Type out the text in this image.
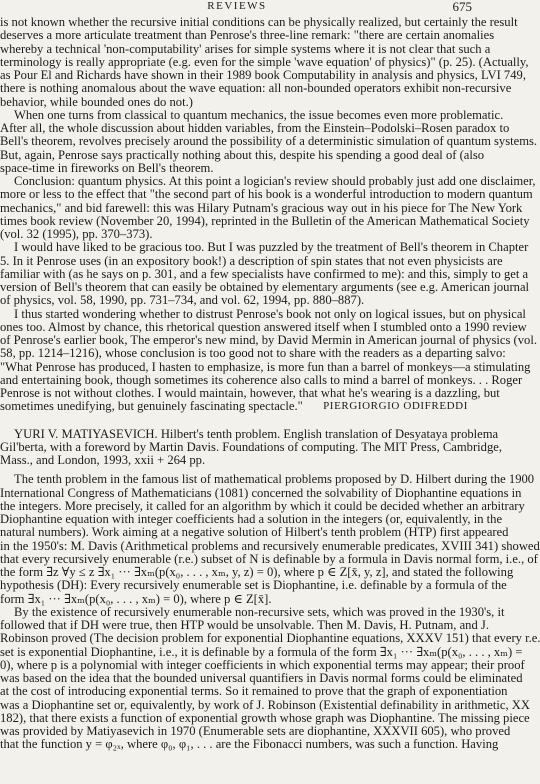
REVIEWS	675
is not known whether the recursive initial conditions can be physically realized, but certainly the result
deserves a more articulate treatment than Penrose's three-line remark: "there are certain anomalies
whereby a technical 'non-computability' arises for simple systems where it is not clear that such a
terminology is really appropriate (e.g. even for the simple 'wave equation' of physics)" (p. 25). (Actually,
as Pour El and Richards have shown in their 1989 book Computability in analysis and physics, LVI 749,
there is nothing anomalous about the wave equation: all non-bounded operators exhibit non-recursive
behavior, while bounded ones do not.)
When one turns from classical to quantum mechanics, the issue becomes even more problematic.
After all, the whole discussion about hidden variables, from the Einstein–Podolski–Rosen paradox to
Bell's theorem, revolves precisely around the possibility of a deterministic simulation of quantum systems.
But, again, Penrose says practically nothing about this, despite his spending a good deal of (also
space-time in fireworks on Bell's theorem.
Conclusion: quantum physics. At this point a logician's review should probably just add one disclaimer,
more or less to the effect that "the second part of his book is a wonderful introduction to modern quantum
mechanics," and bid farewell: this was Hilary Putnam's gracious way out in his piece for The New York
times book review (November 20, 1994), reprinted in the Bulletin of the American Mathematical Society
(vol. 32 (1995), pp. 370–373).
I would have liked to be gracious too. But I was puzzled by the treatment of Bell's theorem in Chapter
5. In it Penrose uses (in an expository book!) a description of spin states that not even physicists are
familiar with (as he says on p. 301, and a few specialists have confirmed to me): and this, simply to get a
version of Bell's theorem that can easily be obtained by elementary arguments (see e.g. American journal
of physics, vol. 58, 1990, pp. 731–734, and vol. 62, 1994, pp. 880–887).
I thus started wondering whether to distrust Penrose's book not only on logical issues, but on physical
ones too. Almost by chance, this rhetorical question answered itself when I stumbled onto a 1990 review
of Penrose's earlier book, The emperor's new mind, by David Mermin in American journal of physics (vol.
58, pp. 1214–1216), whose conclusion is too good not to share with the readers as a departing salvo:
"What Penrose has produced, I hasten to emphasize, is more fun than a barrel of monkeys—a stimulating
and entertaining book, though sometimes its coherence also calls to mind a barrel of monkeys. . . Roger
Penrose is not without clothes. I would maintain, however, that what he's wearing is a dazzling, but
sometimes unedifying, but genuinely fascinating spectacle." PIERGIORGIO ODIFREDDI
YURI V. MATIYASEVICH. Hilbert's tenth problem. English translation of Desyataya problema
Gil'berta, with a foreword by Martin Davis. Foundations of computing. The MIT Press, Cambridge,
Mass., and London, 1993, xxii + 264 pp.
The tenth problem in the famous list of mathematical problems proposed by D. Hilbert during the 1900
International Congress of Mathematicians (1081) concerned the solvability of Diophantine equations in
the integers. More precisely, it called for an algorithm by which it could be decided whether an arbitrary
Diophantine equation with integer coefficients had a solution in the integers (or, equivalently, in the
natural numbers). Work aiming at a negative solution of Hilbert's tenth problem (HTP) first appeared
in the 1950's: M. Davis (Arithmetical problems and recursively enumerable predicates, XVIII 341) showed
that every recursively enumerable (r.e.) subset of N is definable by a formula in Davis normal form, i.e., of
the form ∃z ∀y ≤ z ∃x₁ ··· ∃xₘ(p(x₀, . . . , xₘ, y, z) = 0), where p ∈ Z[x̄, y, z], and stated the following
hypothesis (DH): Every recursively enumerable set is Diophantine, i.e. definable by a formula of the
form ∃x₁ ··· ∃xₘ(p(x₀, . . . , xₘ) = 0), where p ∈ Z[x̄].
By the existence of recursively enumerable non-recursive sets, which was proved in the 1930's, it
followed that if DH were true, then HTP would be unsolvable. Then M. Davis, H. Putnam, and J.
Robinson proved (The decision problem for exponential Diophantine equations, XXXV 151) that every r.e.
set is exponential Diophantine, i.e., it is definable by a formula of the form ∃x₁ ··· ∃xₘ(p(x₀, . . . , xₘ) =
0), where p is a polynomial with integer coefficients in which exponential terms may appear; their proof
was based on the idea that the bounded universal quantifiers in Davis normal forms could be eliminated
at the cost of introducing exponential terms. So it remained to prove that the graph of exponentiation
was a Diophantine set or, equivalently, by work of J. Robinson (Existential definability in arithmetic, XX
182), that there exists a function of exponential growth whose graph was Diophantine. The missing piece
was provided by Matiyasevich in 1970 (Enumerable sets are diophantine, XXXVII 605), who proved
that the function y = φ₂ₓ, where φ₀, φ₁, . . . are the Fibonacci numbers, was such a function. Having
